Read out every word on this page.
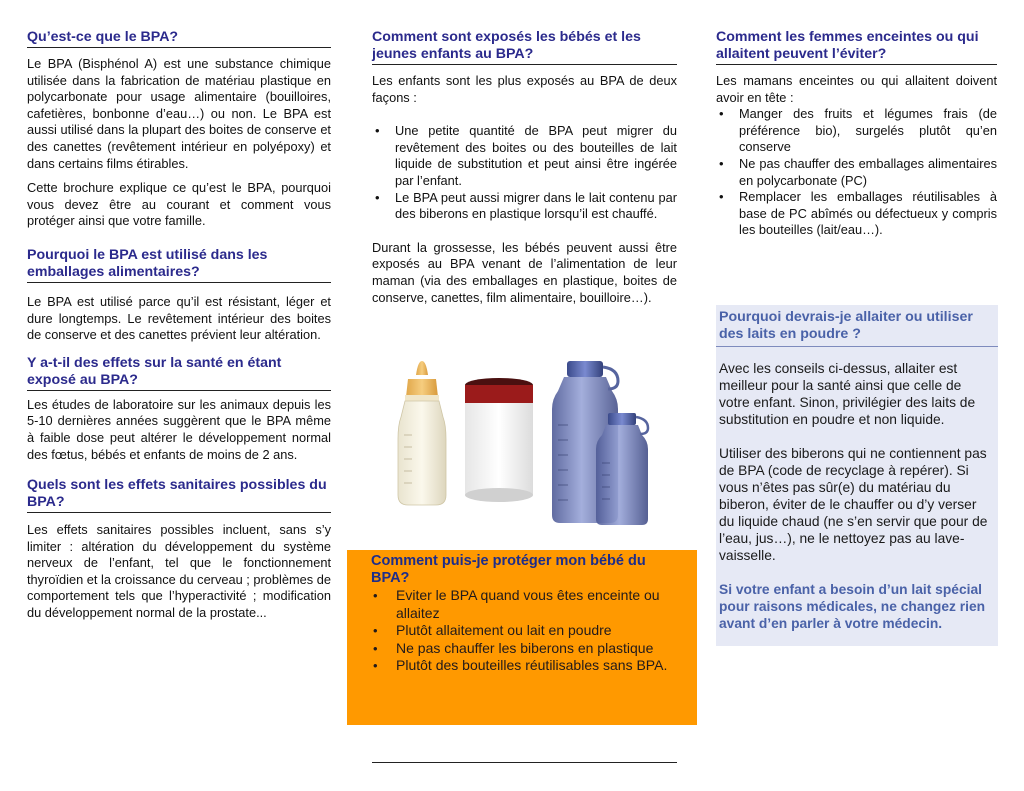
Qu’est-ce que le BPA?

Le BPA (Bisphénol A) est une substance chimique utilisée dans la fabrication de matériau plastique en polycarbonate pour usage alimentaire (bouilloires, cafetières, bonbonne d’eau…) ou non. Le BPA est aussi utilisé dans la plupart des boites de conserve et des canettes (revêtement intérieur en polyépoxy) et dans certains films étirables.

Cette brochure explique ce qu’est le BPA, pourquoi vous devez être au courant et comment vous protéger ainsi que votre famille.

Pourquoi le BPA est utilisé dans les emballages alimentaires?

Le BPA est utilisé parce qu’il est résistant, léger et dure longtemps. Le revêtement intérieur des boites de conserve et des canettes prévient leur altération.

Y a-t-il des effets sur la santé en étant exposé au BPA?

Les études de laboratoire sur les animaux depuis les 5-10 dernières années suggèrent que le BPA même à faible dose peut altérer le développement normal des fœtus, bébés et enfants de moins de 2 ans.

Quels sont les effets sanitaires possibles du BPA?

Les effets sanitaires possibles incluent, sans s’y limiter : altération du développement du système nerveux de l’enfant, tel que le fonctionnement thyroïdien et la croissance du cerveau ; problèmes de comportement tels que l’hyperactivité ; modification du développement normal de la prostate...

Comment sont exposés les bébés et les jeunes enfants au BPA?

Les enfants sont les plus exposés au BPA de deux façons :

• Une petite quantité de BPA peut migrer du revêtement des boites ou des bouteilles de lait liquide de substitution et peut ainsi être ingérée par l’enfant.
• Le BPA peut aussi migrer dans le lait contenu par des biberons en plastique lorsqu’il est chauffé.

Durant la grossesse, les bébés peuvent aussi être exposés au BPA venant de l’alimentation de leur maman (via des emballages en plastique, boites de conserve, canettes, film alimentaire, bouilloire…).

Comment puis-je protéger mon bébé du BPA?
• Eviter le BPA quand vous êtes enceinte ou allaitez
• Plutôt allaitement ou lait en poudre
• Ne pas chauffer les biberons en plastique
• Plutôt des bouteilles réutilisables sans BPA.
Comment les femmes enceintes ou qui allaitent peuvent l’éviter?

Les mamans enceintes ou qui allaitent doivent avoir en tête :

• Manger des fruits et légumes frais (de préférence bio), surgelés plutôt qu’en conserve
• Ne pas chauffer des emballages alimentaires en polycarbonate (PC)
• Remplacer les emballages réutilisables à base de PC abîmés ou défectueux y compris les bouteilles (lait/eau…).
Pourquoi devrais-je allaiter ou utiliser des laits en poudre ?

Avec les conseils ci-dessus, allaiter est meilleur pour la santé ainsi que celle de votre enfant. Sinon, privilégier des laits de substitution en poudre et non liquide.

Utiliser des biberons qui ne contiennent pas de BPA (code de recyclage à repérer). Si vous n’êtes pas sûr(e) du matériau du biberon, éviter de le chauffer ou d’y verser du liquide chaud (ne s’en servir que pour de l’eau, jus…), ne le nettoyez pas au lave-vaisselle.

Si votre enfant a besoin d’un lait spécial pour raisons médicales, ne changez rien avant d’en parler à votre médecin.
